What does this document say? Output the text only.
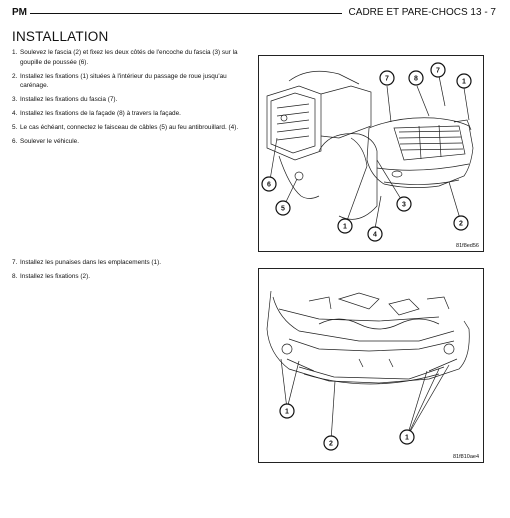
PM	CADRE ET PARE-CHOCS 13 - 7
INSTALLATION
1. Soulevez le fascia (2) et fixez les deux côtés de l'encoche du fascia (3) sur la goupille de poussée (6).
2. Installez les fixations (1) situées à l'intérieur du passage de roue jusqu'au carénage.
3. Installez les fixations du fascia (7).
4. Installez les fixations de la façade (8) à travers la façade.
5. Le cas échéant, connectez le faisceau de câbles (5) au feu antibrouillard. (4).
6. Soulever le véhicule.
7. Installez les punaises dans les emplacements (1).
8. Installez les fixations (2).
7	8
7
1
6
5
3
1
4
2
81f8ed56
1
2
1
81f810ae4
